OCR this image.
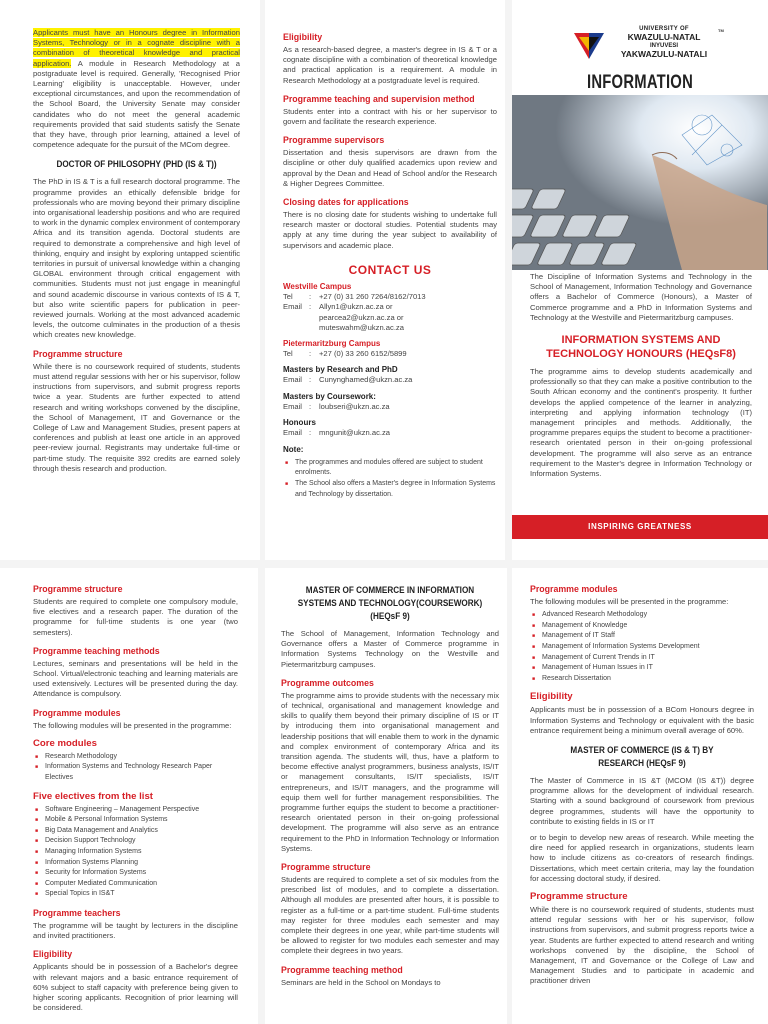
Applicants must have an Honours degree in Information Systems, Technology or in a cognate discipline with a combination of theoretical knowledge and practical application. A module in Research Methodology at a postgraduate level is required. Generally, 'Recognised Prior Learning' eligibility is unacceptable. However, under exceptional circumstances, and upon the recommendation of the School Board, the University Senate may consider candidates who do not meet the general academic requirements provided that said students satisfy the Senate that they have, through prior learning, attained a level of competence adequate for the pursuit of the MCom degree.

DOCTOR OF PHILOSOPHY (PHD (IS & T))

The PhD in IS & T is a full research doctoral programme. The programme provides an ethically defensible bridge for professionals who are moving beyond their primary discipline into organisational leadership positions and who are required to work in the dynamic complex environment of contemporary Africa and its transition agenda. Doctoral students are required to demonstrate a comprehensive and high level of thinking, enquiry and insight by exploring untapped scientific territories in pursuit of universal knowledge within a changing GLOBAL environment through critical engagement with communities. Students must not just engage in meaningful and sound academic discourse in various contexts of IS & T, but also write scientific papers for publication in peer-reviewed journals. Working at the most advanced academic levels, the outcome culminates in the production of a thesis which creates new knowledge.

Programme structure

While there is no coursework required of students, students must attend regular sessions with her or his supervisor, follow instructions from supervisors, and submit progress reports twice a year. Students are further expected to attend research and writing workshops convened by the discipline, the School of Management, IT and Governance or the College of Law and Management Studies, present papers at conferences and publish at least one article in an approved peer-review journal. Registrants may undertake full-time or part-time study. The requisite 392 credits are earned solely through thesis research and production.

Eligibility

As a research-based degree, a master's degree in IS & T or a cognate discipline with a combination of theoretical knowledge and practical application is a requirement. A module in Research Methodology at a postgraduate level is required.

Programme teaching and supervision method

Students enter into a contract with his or her supervisor to govern and facilitate the research experience.

Programme supervisors

Dissertation and thesis supervisors are drawn from the discipline or other duly qualified academics upon review and approval by the Dean and Head of School and/or the Research & Higher Degrees Committee.

Closing dates for applications

There is no closing date for students wishing to undertake full research master or doctoral studies. Potential students may apply at any time during the year subject to availability of supervisors and academic place.

CONTACT US
Westville Campus
Tel	:	+27 (0) 31 260 7264/8162/7013
Email :	Allyn1@ukzn.ac.za or
pearcea2@ukzn.ac.za or
muteswahm@ukzn.ac.za
Pietermaritzburg Campus
Tel	:	+27 (0) 33 260 6152/5899
Masters by Research and PhD
Email :	Cunynghamed@ukzn.ac.za
Masters by Coursework:
Email :	loubseri@ukzn.ac.za
Honours
Email :	mngunit@ukzn.ac.za
Note:
■ The programmes and modules offered are subject to student enrolments.
■ The School also offers a Master's degree in Information Systems and Technology by dissertation.
UNIVERSITY OF
KWAZULU-NATAL
INYUVESI
YAKWAZULU-NATALI
TM
INFORMATION

The Discipline of Information Systems and Technology in the School of Management, Information Technology and Governance offers a Bachelor of Commerce (Honours), a Master of Commerce programme and a PhD in Information Systems and Technology at the Westville and Pietermaritzburg campuses.

INFORMATION SYSTEMS AND TECHNOLOGY HONOURS (HEQsF8)

The programme aims to develop students academically and professionally so that they can make a positive contribution to the South African economy and the continent's prosperity. It further develops the applied competence of the learner in analyzing, interpreting and applying information technology (IT) management principles and methods. Additionally, the programme prepares equips the student to become a practitioner-research orientated person in their on-going professional development. The programme will also serve as an entrance requirement to the Master's degree in Information Technology or Information Systems.

INSPIRING GREATNESS
Programme structure

Students are required to complete one compulsory module, five electives and a research paper. The duration of the programme for full-time students is one year (two semesters).

Programme teaching methods

Lectures, seminars and presentations will be held in the School. Virtual/electronic teaching and learning materials are used extensively. Lectures will be presented during the day. Attendance is compulsory.

Programme modules

The following modules will be presented in the programme:

Core modules
■ Research Methodology
■ Information Systems and Technology Research Paper Electives
Five electives from the list
■ Software Engineering – Management Perspective
■ Mobile & Personal Information Systems
■ Big Data Management and Analytics
■ Decision Support Technology
■ Managing Information Systems
■ Information Systems Planning
■ Security for Information Systems
■ Computer Mediated Communication
■ Special Topics in IS&T
Programme teachers

The programme will be taught by lecturers in the discipline and invited practitioners.

Eligibility

Applicants should be in possession of a Bachelor's degree with relevant majors and a basic entrance requirement of 60% subject to staff capacity with preference being given to higher scoring applicants. Recognition of prior learning will be considered.

MASTER OF COMMERCE IN INFORMATION SYSTEMS AND TECHNOLOGY(COURSEWORK) (HEQsF 9)

The School of Management, Information Technology and Governance offers a Master of Commerce programme in Information Systems Technology on the Westville and Pietermaritzburg campuses.

Programme outcomes

The programme aims to provide students with the necessary mix of technical, organisational and management knowledge and skills to qualify them beyond their primary discipline of IS or IT by introducing them into organisational management and leadership positions that will enable them to work in the dynamic and complex environment of contemporary Africa and its transition agenda. The students will, thus, have a platform to become effective analyst programmers, business analysts, IS/IT or management consultants, IS/IT specialists, IS/IT entrepreneurs, and IS/IT managers, and the programme will equip them well for further management responsibilities. The programme further equips the student to become a practitioner-research orientated person in their on-going professional development. The programme will also serve as an entrance requirement to the PhD in Information Technology or Information Systems.

Programme structure

Students are required to complete a set of six modules from the prescribed list of modules, and to complete a dissertation. Although all modules are presented after hours, it is possible to register as a full-time or a part-time student. Full-time students may register for three modules each semester and may complete their degrees in one year, while part-time students will be allowed to register for two modules each semester and may complete their degrees in two years.

Programme teaching method

Seminars are held in the School on Mondays to

Programme modules

The following modules will be presented in the programme:

■ Advanced Research Methodology
■ Management of Knowledge
■ Management of IT Staff
■ Management of Information Systems Development
■ Management of Current Trends in IT
■ Management of Human Issues in IT
■ Research Dissertation
Eligibility

Applicants must be in possession of a BCom Honours degree in Information Systems and Technology or equivalent with the basic entrance requirement being a minimum overall average of 60%.

MASTER OF COMMERCE (IS & T) BY RESEARCH (HEQsF 9)

The Master of Commerce in IS &T (MCOM (IS &T)) degree programme allows for the development of individual research. Starting with a sound background of coursework from previous degree programmes, students will have the opportunity to contribute to existing fields in IS or IT

or to begin to develop new areas of research. While meeting the dire need for applied research in organizations, students learn how to include citizens as co-creators of research findings. Dissertations, which meet certain criteria, may lay the foundation for accessing doctoral study, if desired.

Programme structure

While there is no coursework required of students, students must attend regular sessions with her or his supervisor, follow instructions from supervisors, and submit progress reports twice a year. Students are further expected to attend research and writing workshops convened by the discipline, the School of Management, IT and Governance or the College of Law and Management Studies and to participate in academic and practitioner driven
